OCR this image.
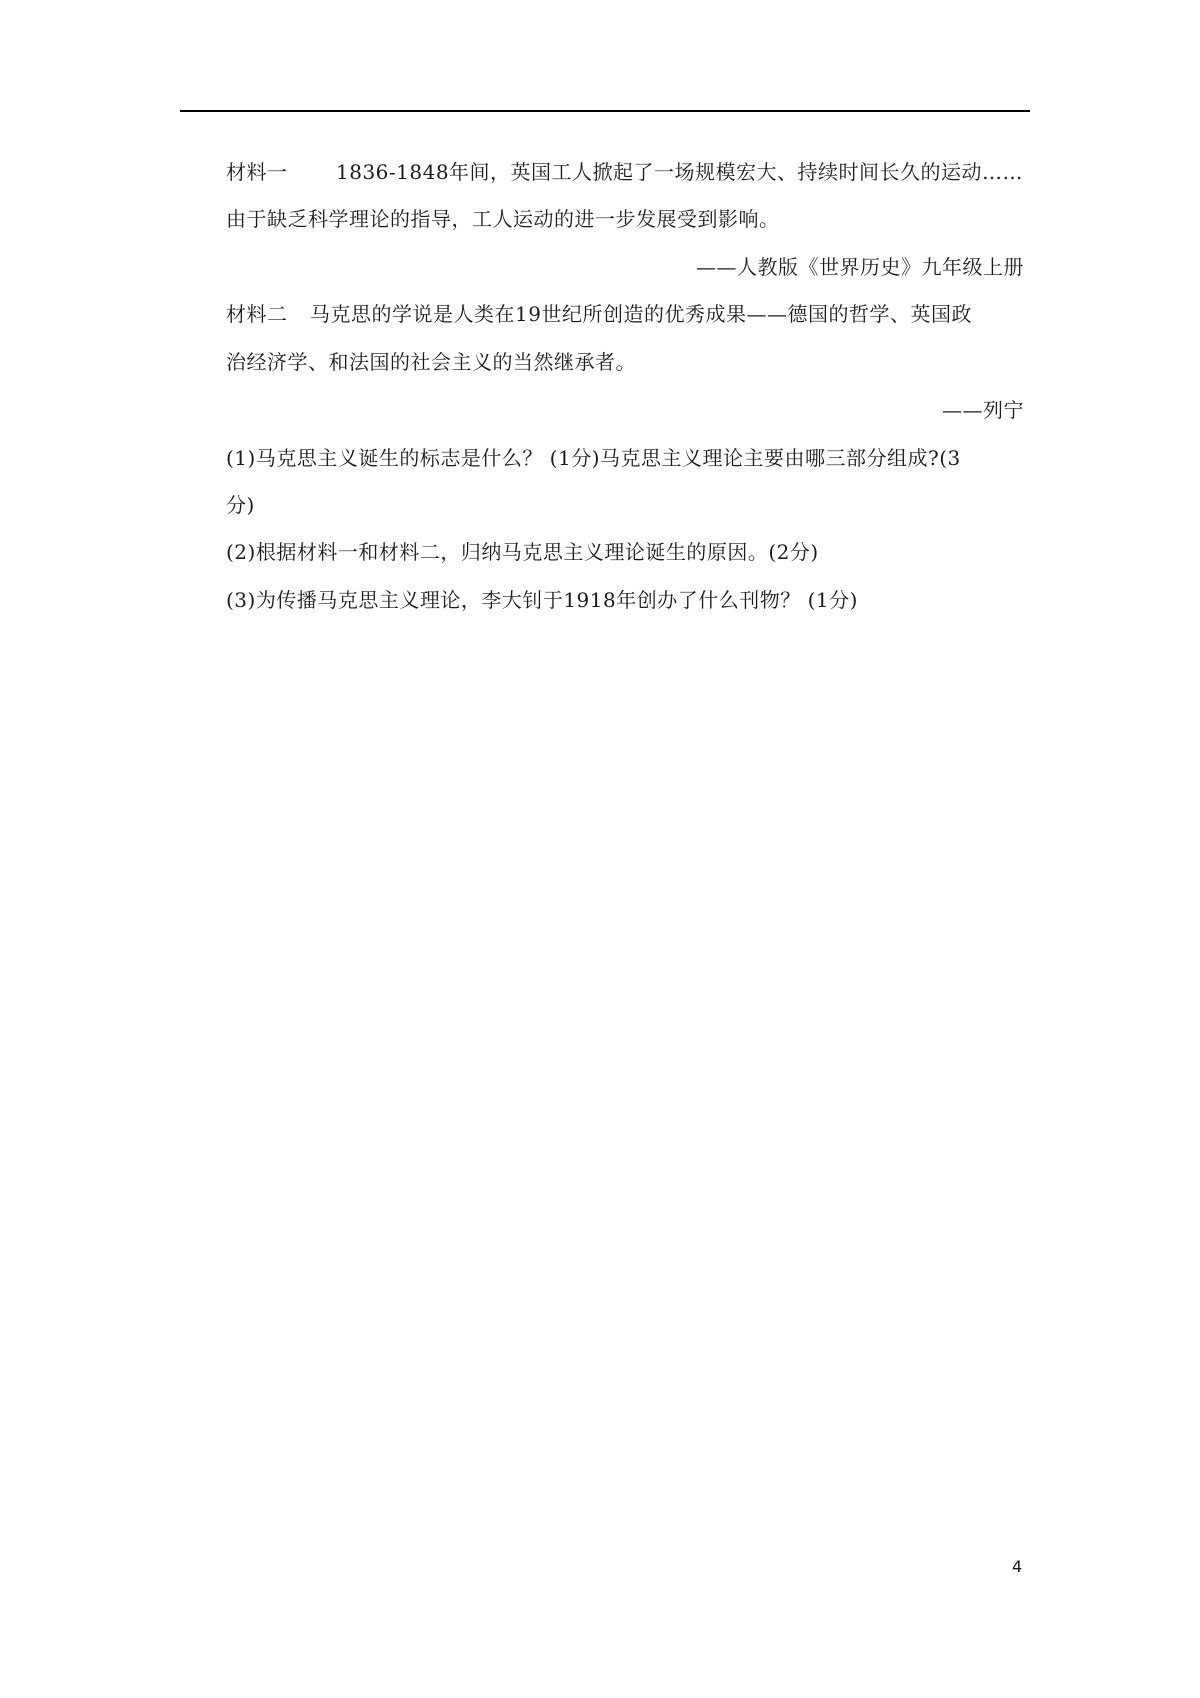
材料一 1836-1848年间，英国工人掀起了一场规模宏大、持续时间长久的运动……
由于缺乏科学理论的指导，工人运动的进一步发展受到影响。
——人教版《世界历史》九年级上册
材料二 马克思的学说是人类在19世纪所创造的优秀成果——德国的哲学、英国政
治经济学、和法国的社会主义的当然继承者。
——列宁
(1)马克思主义诞生的标志是什么？ (1分)马克思主义理论主要由哪三部分组成?(3
分)
(2)根据材料一和材料二，归纳马克思主义理论诞生的原因。(2分)
(3)为传播马克思主义理论，李大钊于1918年创办了什么刊物？ (1分)
4
